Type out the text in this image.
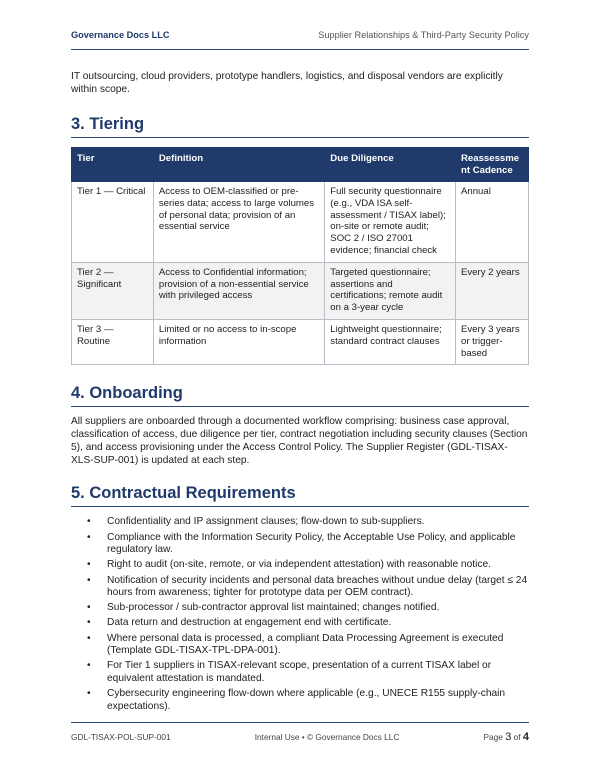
Governance Docs LLC	Supplier Relationships & Third-Party Security Policy

IT outsourcing, cloud providers, prototype handlers, logistics, and disposal vendors are explicitly within scope.

3. Tiering
Tier	Definition	Due Diligence	Reassessme nt Cadence
Tier 1 — Critical	Access to OEM-classified or pre-series data; access to large volumes of personal data; provision of an essential service	Full security questionnaire (e.g., VDA ISA self-assessment / TISAX label); on-site or remote audit; SOC 2 / ISO 27001 evidence; financial check	Annual
Tier 2 — Significant	Access to Confidential information; provision of a non-essential service with privileged access	Targeted questionnaire; assertions and certifications; remote audit on a 3-year cycle	Every 2 years
Tier 3 — Routine	Limited or no access to in-scope information	Lightweight questionnaire; standard contract clauses	Every 3 years or trigger-based
4. Onboarding

All suppliers are onboarded through a documented workflow comprising: business case approval, classification of access, due diligence per tier, contract negotiation including security clauses (Section 5), and access provisioning under the Access Control Policy. The Supplier Register (GDL-TISAX-XLS-SUP-001) is updated at each step.

5. Contractual Requirements
• Confidentiality and IP assignment clauses; flow-down to sub-suppliers.
• Compliance with the Information Security Policy, the Acceptable Use Policy, and applicable regulatory law.
• Right to audit (on-site, remote, or via independent attestation) with reasonable notice.
• Notification of security incidents and personal data breaches without undue delay (target ≤ 24 hours from awareness; tighter for prototype data per OEM contract).
• Sub-processor / sub-contractor approval list maintained; changes notified.
• Data return and destruction at engagement end with certificate.
• Where personal data is processed, a compliant Data Processing Agreement is executed (Template GDL-TISAX-TPL-DPA-001).
• For Tier 1 suppliers in TISAX-relevant scope, presentation of a current TISAX label or equivalent attestation is mandated.
• Cybersecurity engineering flow-down where applicable (e.g., UNECE R155 supply-chain expectations).
GDL-TISAX-POL-SUP-001	Internal Use • © Governance Docs LLC	Page 3 of 4
